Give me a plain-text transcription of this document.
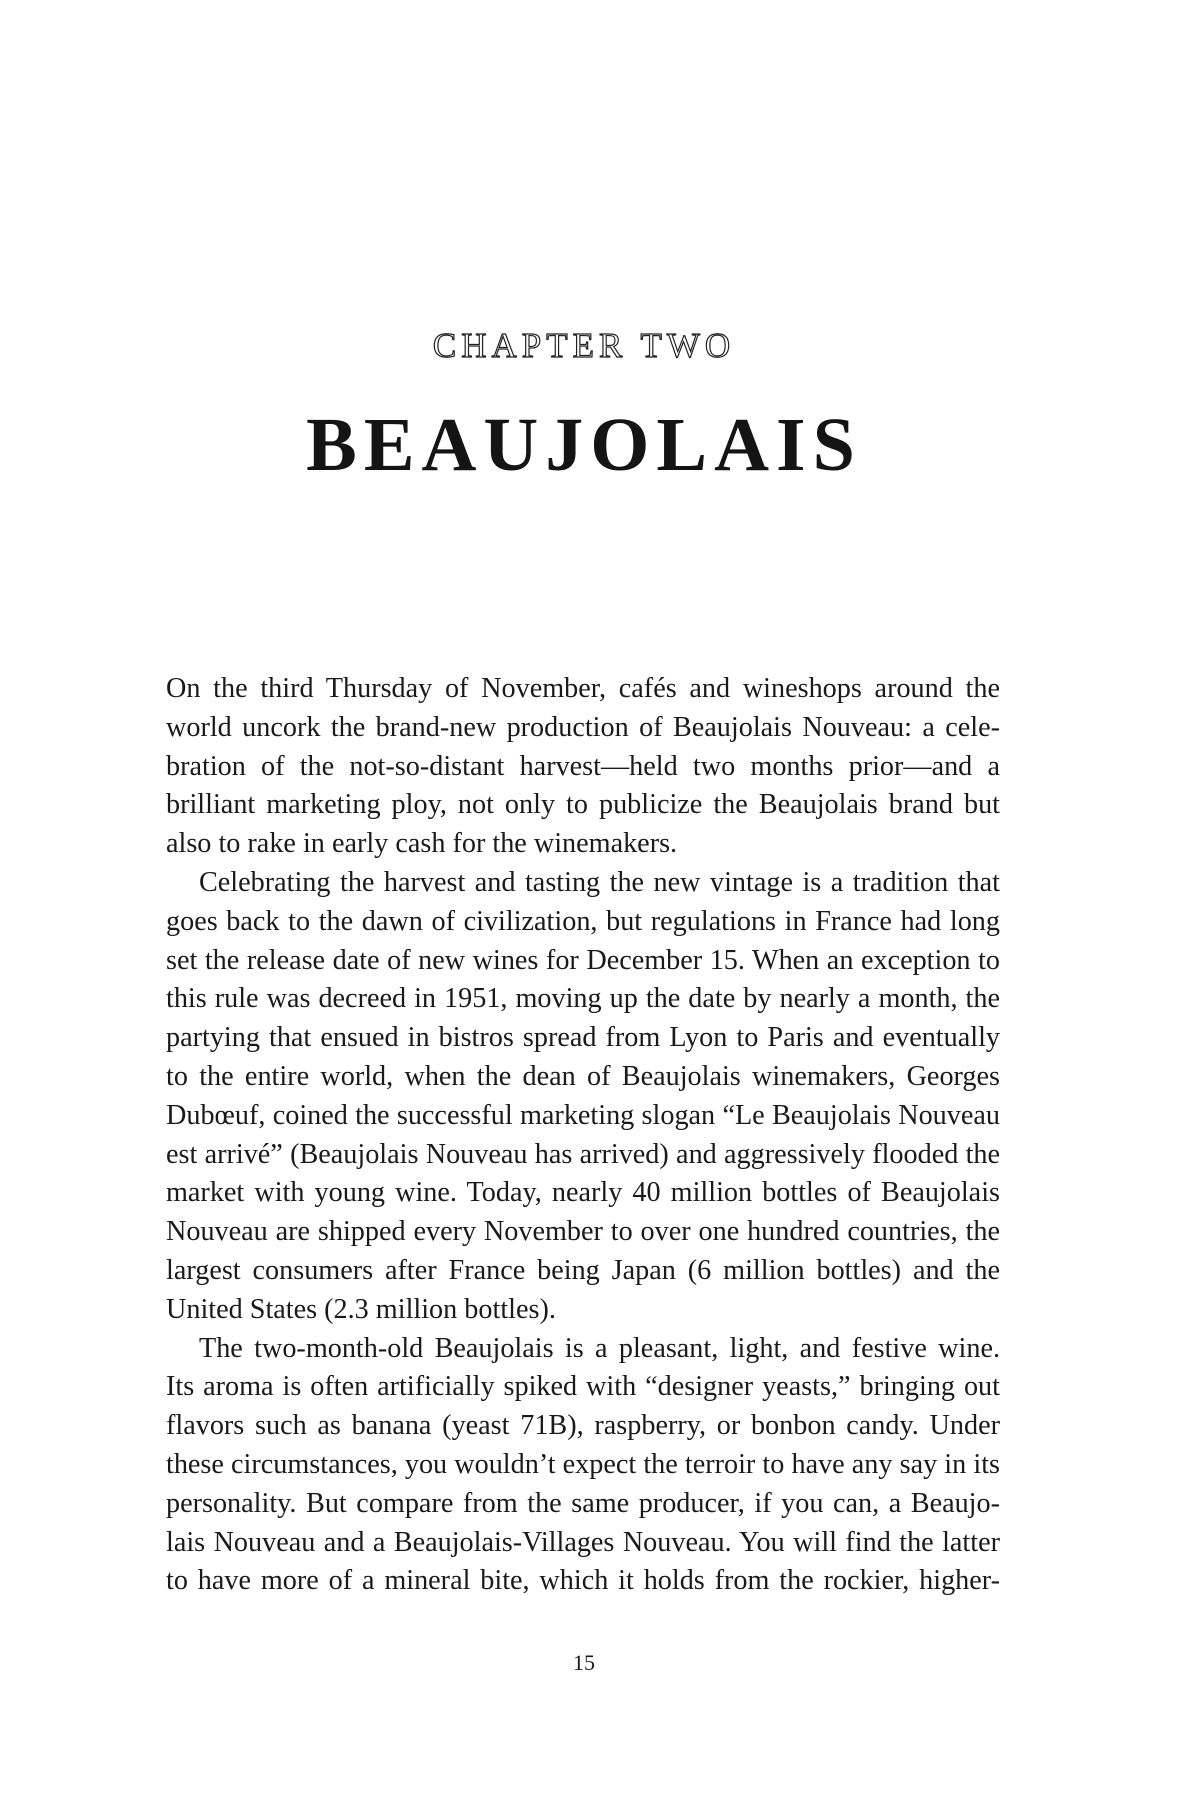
CHAPTER TWO
BEAUJOLAIS

On the third Thursday of November, cafés and wineshops around the
world uncork the brand-new production of Beaujolais Nouveau: a cele-
bration of the not-so-distant harvest—held two months prior—and a
brilliant marketing ploy, not only to publicize the Beaujolais brand but
also to rake in early cash for the winemakers.

Celebrating the harvest and tasting the new vintage is a tradition that
goes back to the dawn of civilization, but regulations in France had long
set the release date of new wines for December 15. When an exception to
this rule was decreed in 1951, moving up the date by nearly a month, the
partying that ensued in bistros spread from Lyon to Paris and eventually
to the entire world, when the dean of Beaujolais winemakers, Georges
Dubœuf, coined the successful marketing slogan “Le Beaujolais Nouveau
est arrivé” (Beaujolais Nouveau has arrived) and aggressively flooded the
market with young wine. Today, nearly 40 million bottles of Beaujolais
Nouveau are shipped every November to over one hundred countries, the
largest consumers after France being Japan (6 million bottles) and the
United States (2.3 million bottles).

The two-month-old Beaujolais is a pleasant, light, and festive wine.
Its aroma is often artificially spiked with “designer yeasts,” bringing out
flavors such as banana (yeast 71B), raspberry, or bonbon candy. Under
these circumstances, you wouldn’t expect the terroir to have any say in its
personality. But compare from the same producer, if you can, a Beaujo-
lais Nouveau and a Beaujolais-Villages Nouveau. You will find the latter
to have more of a mineral bite, which it holds from the rockier, higher-

15
